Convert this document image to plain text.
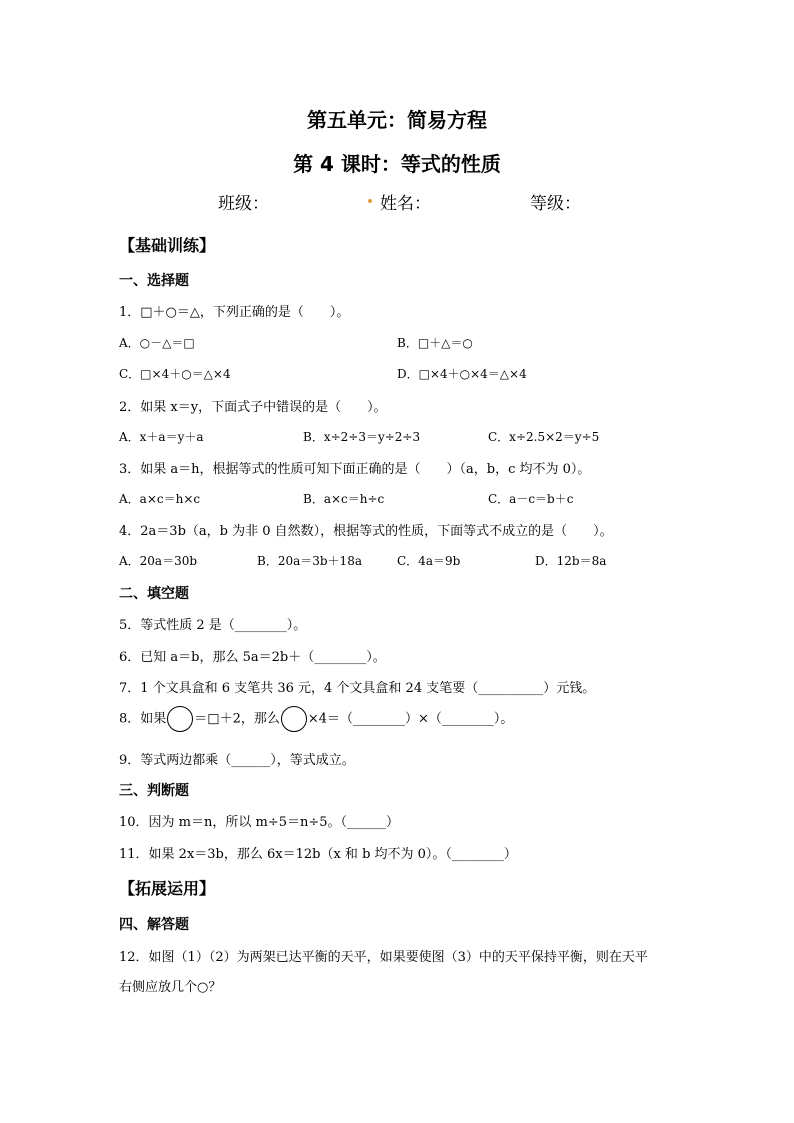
第五单元：简易方程
第 4 课时：等式的性质
班级：	姓名：	等级：
【基础训练】
一、选择题
1．□＋○＝△，下列正确的是（　　）。
A．○－△＝□	B．□＋△＝○
C．□×4＋○＝△×4	D．□×4＋○×4＝△×4
2．如果 x＝y，下面式子中错误的是（　　）。
A．x＋a＝y＋a	B．x÷2÷3＝y÷2÷3	C．x÷2.5×2＝y÷5
3．如果 a＝h，根据等式的性质可知下面正确的是（　　）（a，b，c 均不为 0）。
A．a×c＝h×c	B．a×c＝h÷c	C．a－c＝b＋c
4．2a＝3b（a，b 为非 0 自然数），根据等式的性质，下面等式不成立的是（　　）。
A．20a＝30b	B．20a＝3b＋18a	C．4a＝9b	D．12b＝8a
二、填空题
5．等式性质 2 是（________）。
6．已知 a＝b，那么 5a＝2b＋（________）。
7．1 个文具盒和 6 支笔共 36 元，4 个文具盒和 24 支笔要（__________）元钱。
8．如果 ＝□＋2，那么 ×4＝（________）×（________）。
9．等式两边都乘（______），等式成立。
三、判断题
10．因为 m＝n，所以 m÷5＝n÷5。（______）
11．如果 2x＝3b，那么 6x＝12b（x 和 b 均不为 0）。（________）
【拓展运用】
四、解答题
12．如图（1）（2）为两架已达平衡的天平，如果要使图（3）中的天平保持平衡，则在天平
右侧应放几个○？
